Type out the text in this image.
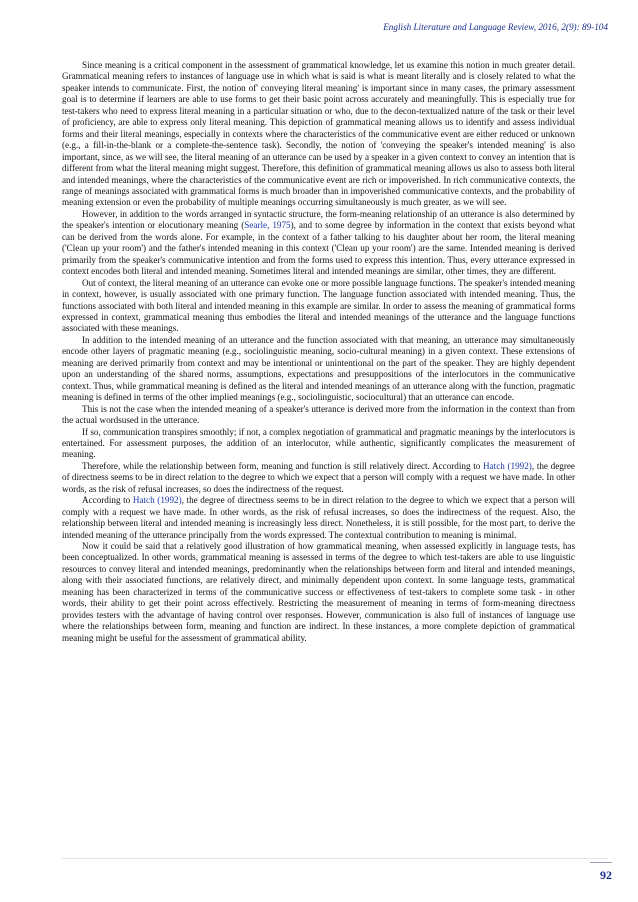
English Literature and Language Review, 2016, 2(9): 89-104

Since meaning is a critical component in the assessment of grammatical knowledge, let us examine this notion in much greater detail. Grammatical meaning refers to instances of language use in which what is said is what is meant literally and is closely related to what the speaker intends to communicate. First, the notion of' conveying literal meaning' is important since in many cases, the primary assessment goal is to determine if learners are able to use forms to get their basic point across accurately and meaningfully. This is especially true for test-takers who need to express literal meaning in a particular situation or who, due to the decon-textualized nature of the task or their level of proficiency, are able to express only literal meaning. This depiction of grammatical meaning allows us to identify and assess individual forms and their literal meanings, especially in contexts where the characteristics of the communicative event are either reduced or unknown (e.g., a fill-in-the-blank or a complete-the-sentence task). Secondly, the notion of 'conveying the speaker's intended meaning' is also important, since, as we will see, the literal meaning of an utterance can be used by a speaker in a given context to convey an intention that is different from what the literal meaning might suggest. Therefore, this definition of grammatical meaning allows us also to assess both literal and intended meanings, where the characteristics of the communicative event are rich or impoverished. In rich communicative contexts, the range of meanings associated with grammatical forms is much broader than in impoverished communicative contexts, and the probability of meaning extension or even the probability of multiple meanings occurring simultaneously is much greater, as we will see.

However, in addition to the words arranged in syntactic structure, the form-meaning relationship of an utterance is also determined by the speaker's intention or elocutionary meaning (Searle, 1975), and to some degree by information in the context that exists beyond what can be derived from the words alone. For example, in the context of a father talking to his daughter about her room, the literal meaning ('Clean up your room') and the father's intended meaning in this context ('Clean up your room') are the same. Intended meaning is derived primarily from the speaker's communicative intention and from the forms used to express this intention. Thus, every utterance expressed in context encodes both literal and intended meaning. Sometimes literal and intended meanings are similar, other times, they are different.

Out of context, the literal meaning of an utterance can evoke one or more possible language functions. The speaker's intended meaning in context, however, is usually associated with one primary function. The language function associated with intended meaning. Thus, the functions associated with both literal and intended meaning in this example are similar. In order to assess the meaning of grammatical forms expressed in context, grammatical meaning thus embodies the literal and intended meanings of the utterance and the language functions associated with these meanings.

In addition to the intended meaning of an utterance and the function associated with that meaning, an utterance may simultaneously encode other layers of pragmatic meaning (e.g., sociolinguistic meaning, socio-cultural meaning) in a given context. These extensions of meaning are derived primarily from context and may be intentional or unintentional on the part of the speaker. They are highly dependent upon an understanding of the shared norms, assumptions, expectations and presuppositions of the interlocutors in the communicative context. Thus, while grammatical meaning is defined as the literal and intended meanings of an utterance along with the function, pragmatic meaning is defined in terms of the other implied meanings (e.g., sociolinguistic, sociocultural) that an utterance can encode.

This is not the case when the intended meaning of a speaker's utterance is derived more from the information in the context than from the actual wordsused in the utterance.

If so, communication transpires smoothly; if not, a complex negotiation of grammatical and pragmatic meanings by the interlocutors is entertained. For assessment purposes, the addition of an interlocutor, while authentic, significantly complicates the measurement of meaning.

Therefore, while the relationship between form, meaning and function is still relatively direct. According to Hatch (1992), the degree of directness seems to be in direct relation to the degree to which we expect that a person will comply with a request we have made. In other words, as the risk of refusal increases, so does the indirectness of the request.

According to Hatch (1992), the degree of directness seems to be in direct relation to the degree to which we expect that a person will comply with a request we have made. In other words, as the risk of refusal increases, so does the indirectness of the request. Also, the relationship between literal and intended meaning is increasingly less direct. Nonetheless, it is still possible, for the most part, to derive the intended meaning of the utterance principally from the words expressed. The contextual contribution to meaning is minimal.

Now it could be said that a relatively good illustration of how grammatical meaning, when assessed explicitly in language tests, has been conceptualized. In other words, grammatical meaning is assessed in terms of the degree to which test-takers are able to use linguistic resources to convey literal and intended meanings, predominantly when the relationships between form and literal and intended meanings, along with their associated functions, are relatively direct, and minimally dependent upon context. In some language tests, grammatical meaning has been characterized in terms of the communicative success or effectiveness of test-takers to complete some task - in other words, their ability to get their point across effectively. Restricting the measurement of meaning in terms of form-meaning directness provides testers with the advantage of having control over responses. However, communication is also full of instances of language use where the relationships between form, meaning and function are indirect. In these instances, a more complete depiction of grammatical meaning might be useful for the assessment of grammatical ability.

92
